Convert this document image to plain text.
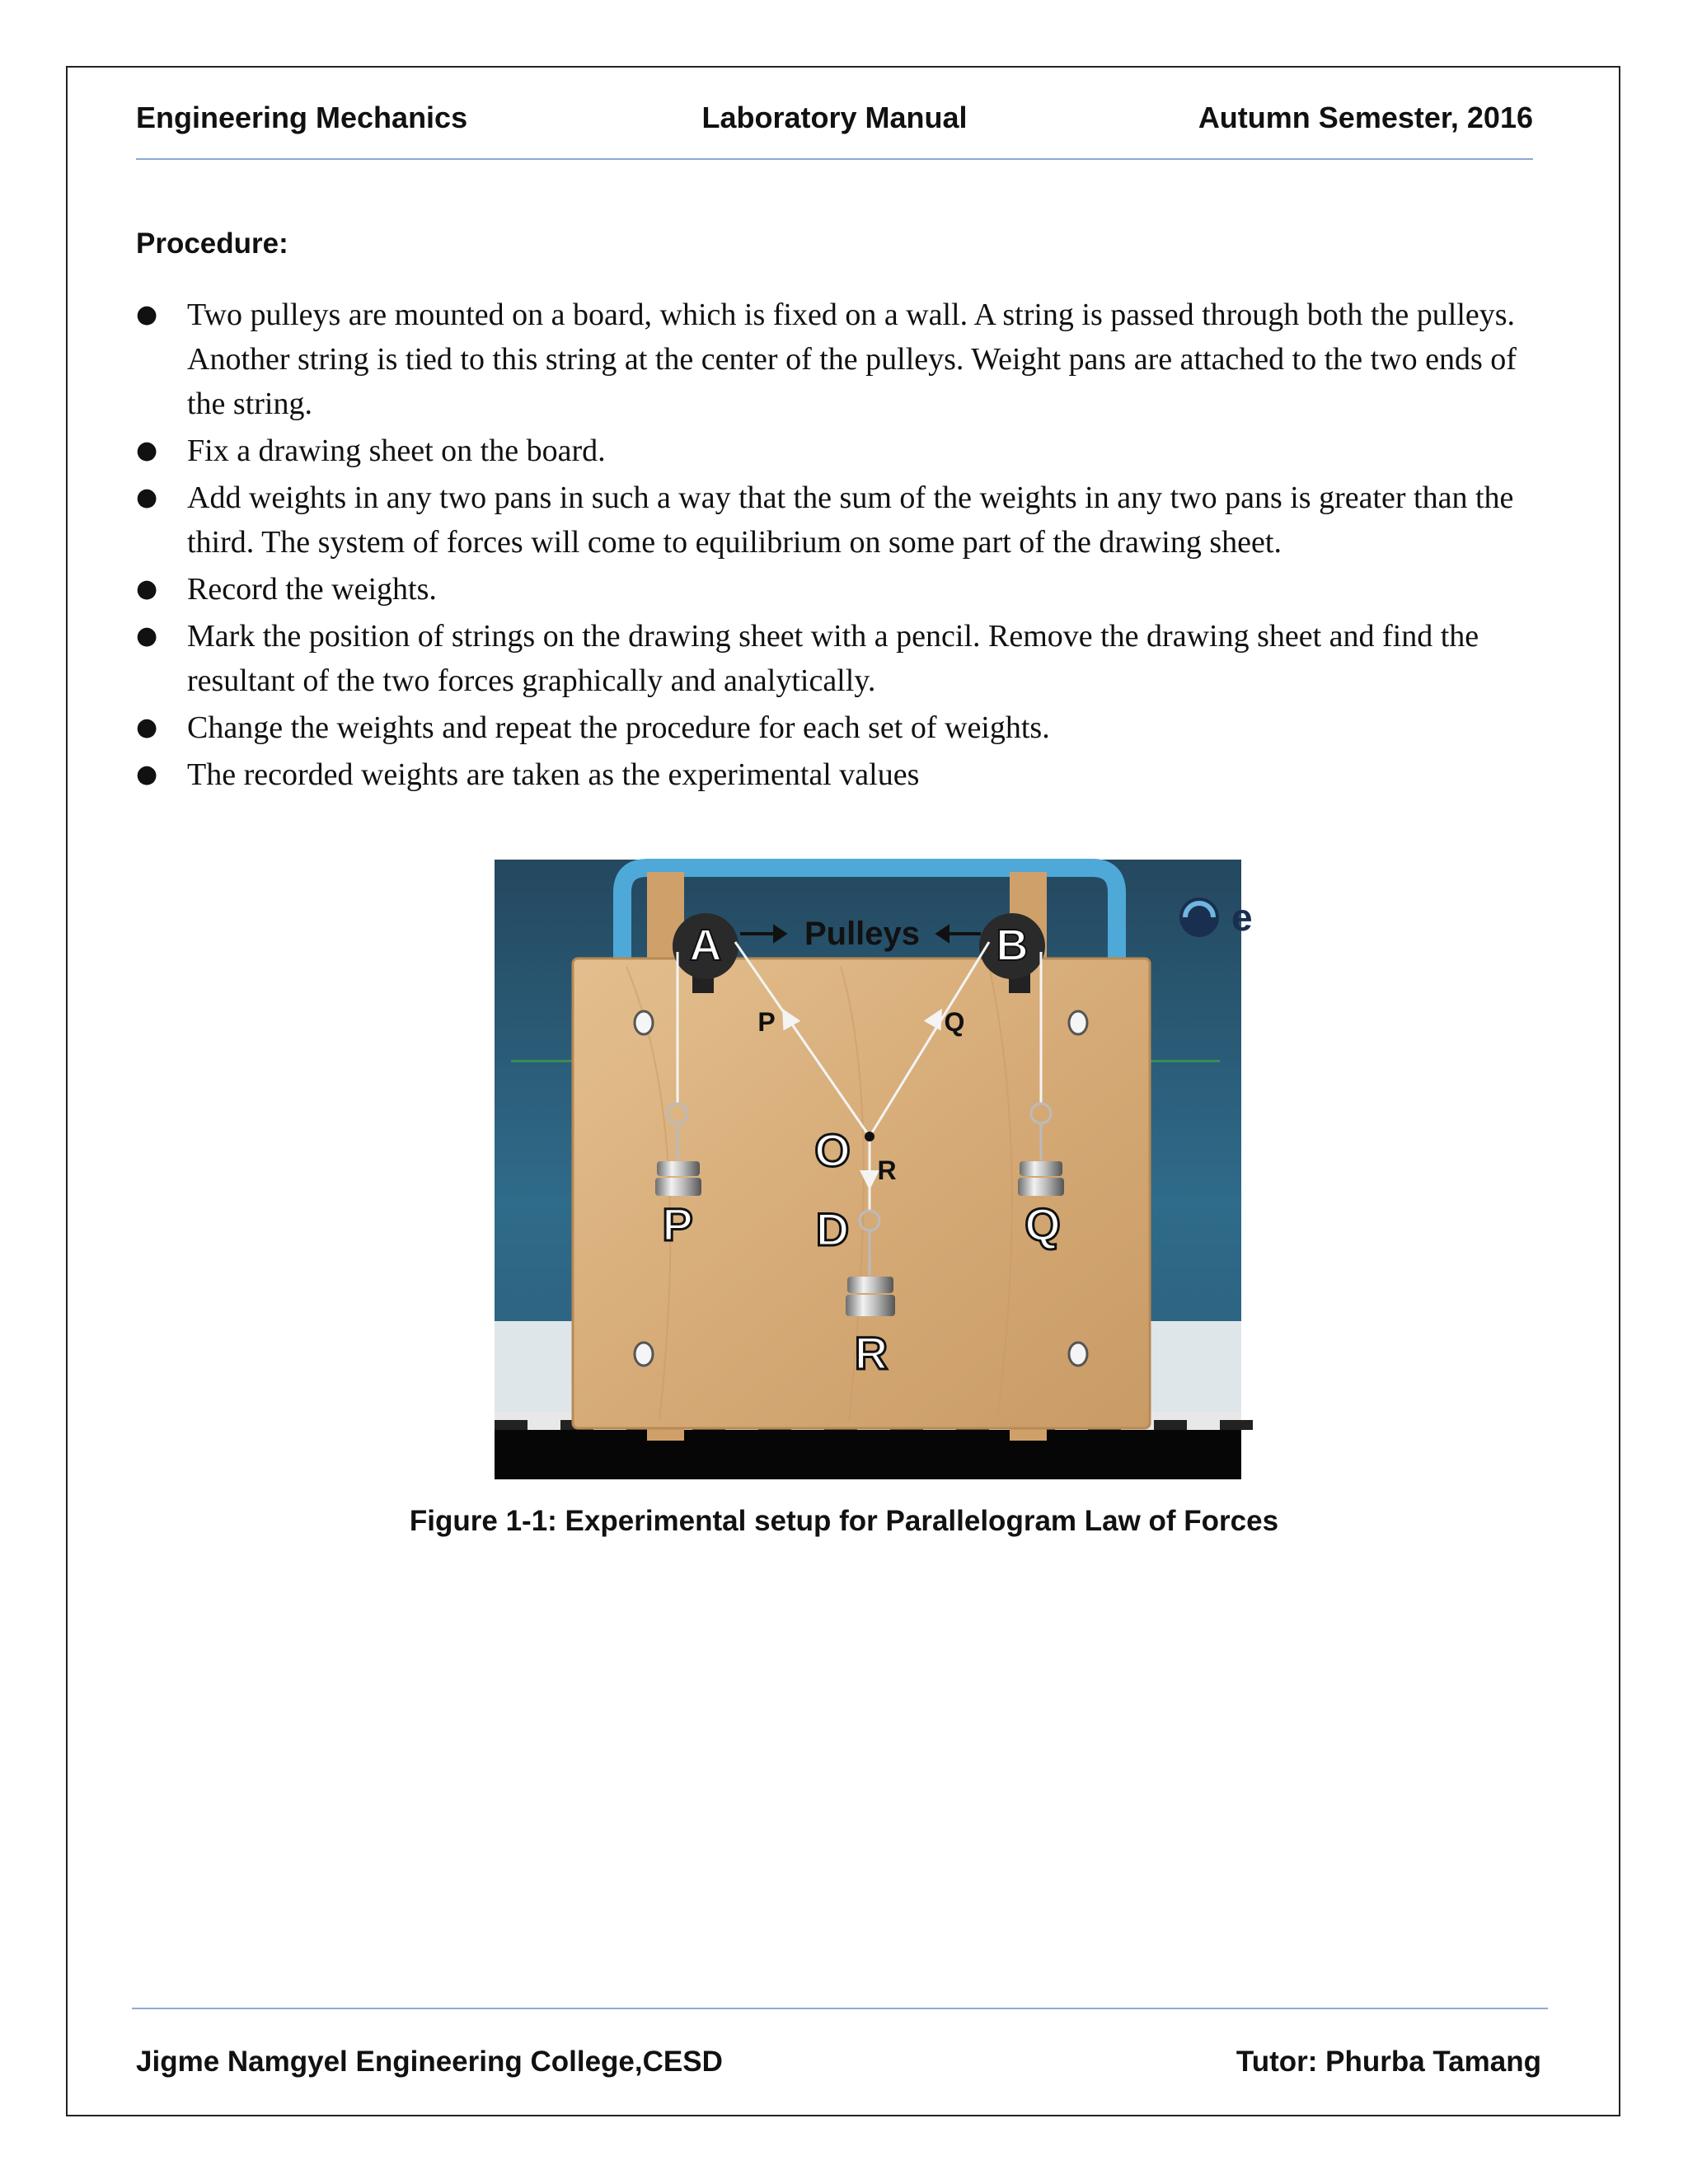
Engineering Mechanics	Laboratory Manual	Autumn Semester, 2016
Procedure:
● Two pulleys are mounted on a board, which is fixed on a wall. A string is passed through both the pulleys. Another string is tied to this string at the center of the pulleys. Weight pans are attached to the two ends of the string.
● Fix a drawing sheet on the board.
● Add weights in any two pans in such a way that the sum of the weights in any two pans is greater than the third. The system of forces will come to equilibrium on some part of the drawing sheet.
● Record the weights.
● Mark the position of strings on the drawing sheet with a pencil. Remove the drawing sheet and find the resultant of the two forces graphically and analytically.
● Change the weights and repeat the procedure for each set of weights.
● The recorded weights are taken as the experimental values
A	B
Pulleys
P	Q
R
O
D
P	Q
R
e
Figure 1-1: Experimental setup for Parallelogram Law of Forces
Jigme Namgyel Engineering College,CESD	Tutor: Phurba Tamang
